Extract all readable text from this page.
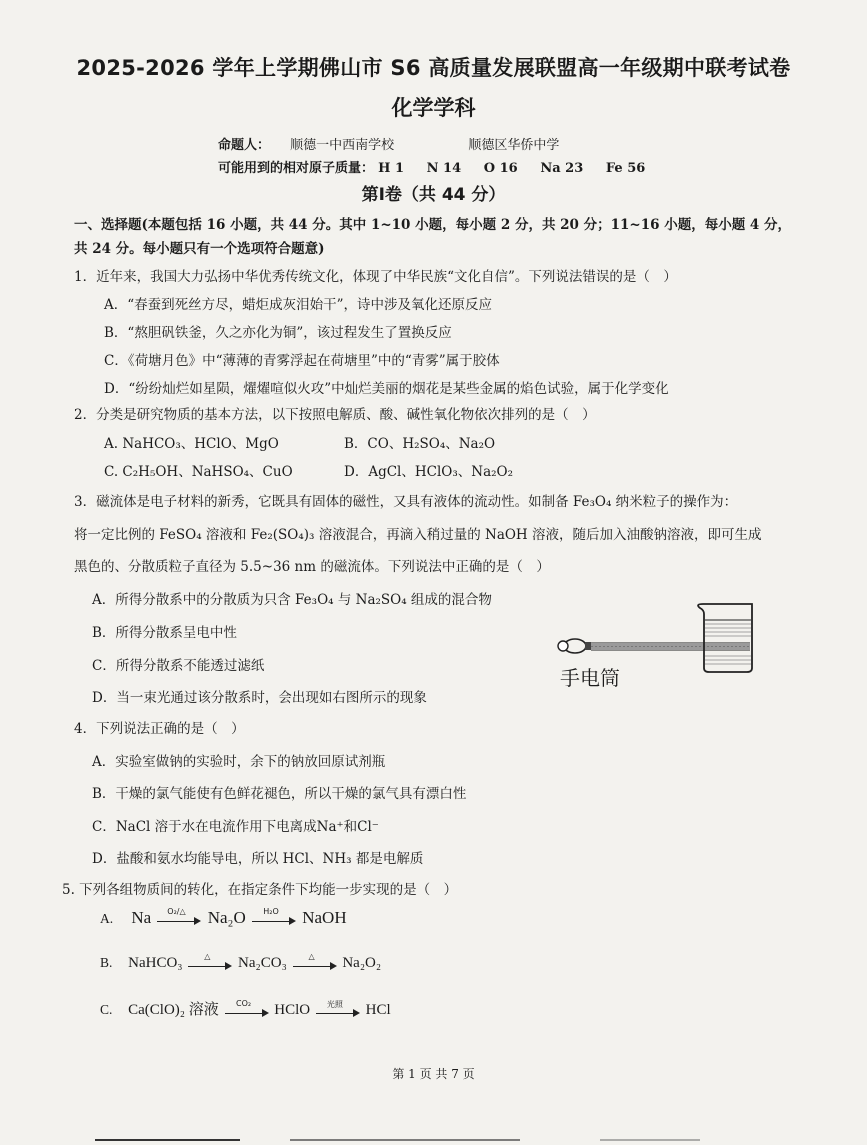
2025-2026 学年上学期佛山市 S6 高质量发展联盟高一年级期中联考试卷
化学学科
命题人： 顺德一中西南学校	顺德区华侨中学
可能用到的相对原子质量： H 1     N 14     O 16     Na 23     Fe 56
第Ⅰ卷（共 44 分）
一、选择题(本题包括 16 小题，共 44 分。其中 1~10 小题，每小题 2 分，共 20 分；11~16 小题，每小题 4 分，
共 24 分。每小题只有一个选项符合题意)
1．近年来，我国大力弘扬中华优秀传统文化，体现了中华民族“文化自信”。下列说法错误的是（　）
A．“春蚕到死丝方尽，蜡炬成灰泪始干”，诗中涉及氧化还原反应
B．“熬胆矾铁釜，久之亦化为铜”，该过程发生了置换反应
C．《荷塘月色》中“薄薄的青雾浮起在荷塘里”中的“青雾”属于胶体
D．“纷纷灿烂如星陨，燿燿喧似火攻”中灿烂美丽的烟花是某些金属的焰色试验，属于化学变化
2．分类是研究物质的基本方法，以下按照电解质、酸、碱性氧化物依次排列的是（　）
A. NaHCO₃、HClO、MgO	B．CO、H₂SO₄、Na₂O
C. C₂H₅OH、NaHSO₄、CuO	D．AgCl、HClO₃、Na₂O₂
3．磁流体是电子材料的新秀，它既具有固体的磁性，又具有液体的流动性。如制备 Fe₃O₄ 纳米粒子的操作为：
将一定比例的 FeSO₄ 溶液和 Fe₂(SO₄)₃ 溶液混合，再滴入稍过量的 NaOH 溶液，随后加入油酸钠溶液，即可生成
黑色的、分散质粒子直径为 5.5~36 nm 的磁流体。下列说法中正确的是（　）
A．所得分散系中的分散质为只含 Fe₃O₄ 与 Na₂SO₄ 组成的混合物
B．所得分散系呈电中性
C．所得分散系不能透过滤纸
D．当一束光通过该分散系时，会出现如右图所示的现象
手电筒
4．下列说法正确的是（　）
A．实验室做钠的实验时，余下的钠放回原试剂瓶
B．干燥的氯气能使有色鲜花褪色，所以干燥的氯气具有漂白性
C．NaCl 溶于水在电流作用下电离成Na⁺和Cl⁻
D．盐酸和氨水均能导电，所以 HCl、NH₃ 都是电解质
5. 下列各组物质间的转化，在指定条件下均能一步实现的是（　）
A. Na	O₂/△	Na₂O	H₂O	NaOH
B. NaHCO₃	△	Na₂CO₃	△	Na₂O₂
C. Ca(ClO)₂ 溶液	CO₂	HClO	光照	HCl
第 1 页 共 7 页
